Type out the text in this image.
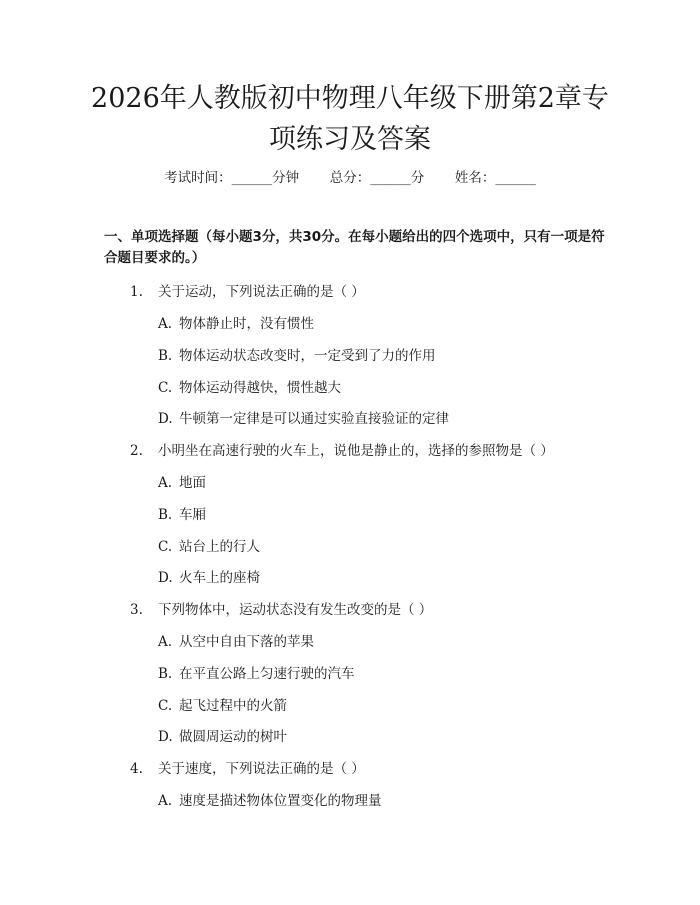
2026年人教版初中物理八年级下册第2章专
项练习及答案
考试时间：______分钟 总分：______分 姓名：______

一、单项选择题（每小题3分，共30分。在每小题给出的四个选项中，只有一项是符合题目要求的。）

1. 关于运动，下列说法正确的是（ ）
A. 物体静止时，没有惯性
B. 物体运动状态改变时，一定受到了力的作用
C. 物体运动得越快，惯性越大
D. 牛顿第一定律是可以通过实验直接验证的定律
2. 小明坐在高速行驶的火车上，说他是静止的，选择的参照物是（ ）
A. 地面
B. 车厢
C. 站台上的行人
D. 火车上的座椅
3. 下列物体中，运动状态没有发生改变的是（ ）
A. 从空中自由下落的苹果
B. 在平直公路上匀速行驶的汽车
C. 起飞过程中的火箭
D. 做圆周运动的树叶
4. 关于速度，下列说法正确的是（ ）
A. 速度是描述物体位置变化的物理量
